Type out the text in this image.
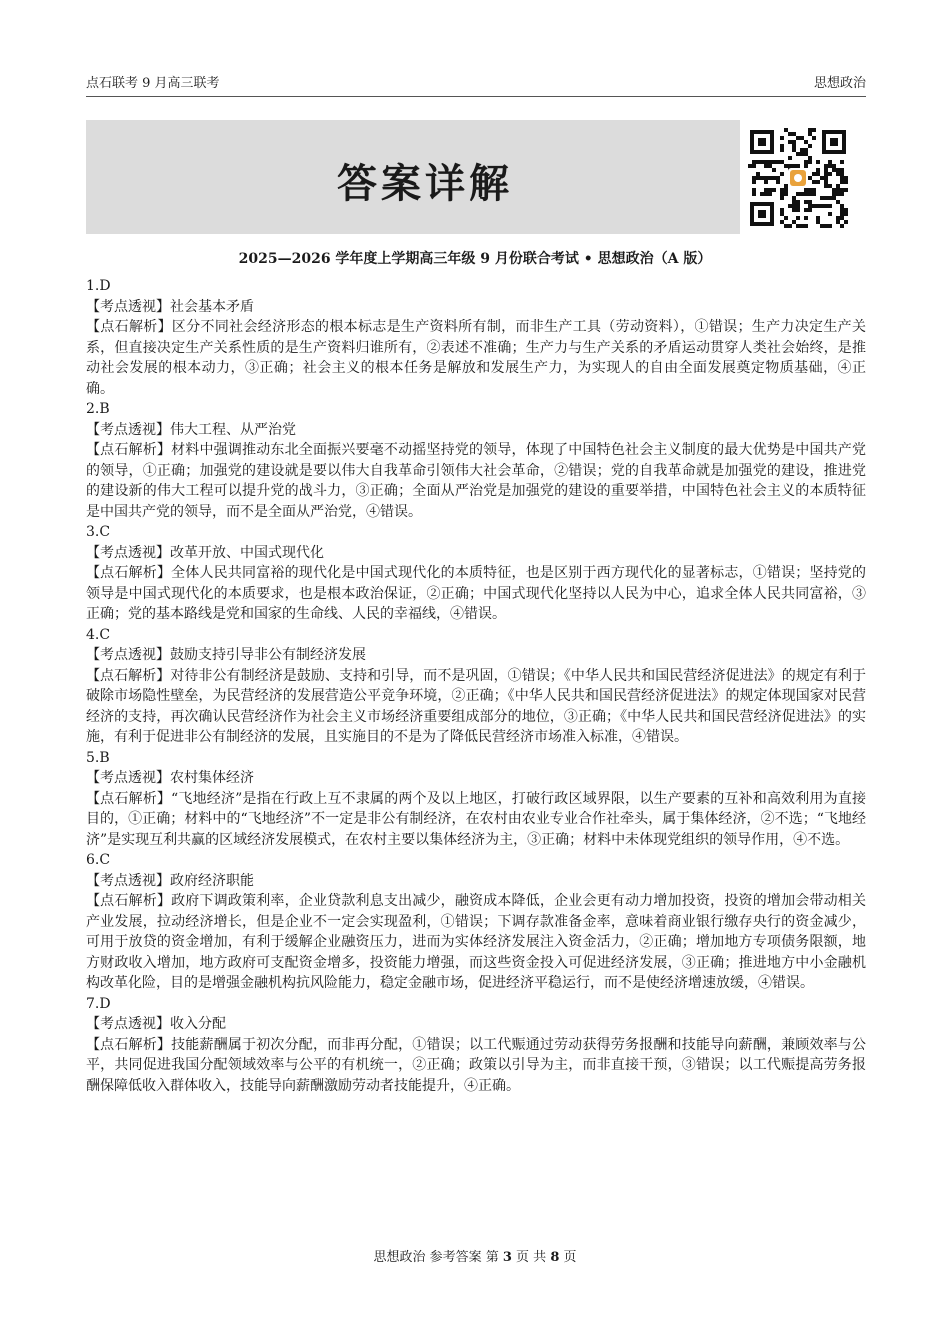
点石联考 9 月高三联考	思想政治
答案详解
2025—2026 学年度上学期高三年级 9 月份联合考试 • 思想政治（A 版）

1.D

【考点透视】社会基本矛盾

【点石解析】区分不同社会经济形态的根本标志是生产资料所有制，而非生产工具（劳动资料），①错误；生产力决定生产关系，但直接决定生产关系性质的是生产资料归谁所有，②表述不准确；生产力与生产关系的矛盾运动贯穿人类社会始终，是推动社会发展的根本动力，③正确；社会主义的根本任务是解放和发展生产力，为实现人的自由全面发展奠定物质基础，④正确。

2.B

【考点透视】伟大工程、从严治党

【点石解析】材料中强调推动东北全面振兴要毫不动摇坚持党的领导，体现了中国特色社会主义制度的最大优势是中国共产党的领导，①正确；加强党的建设就是要以伟大自我革命引领伟大社会革命，②错误；党的自我革命就是加强党的建设，推进党的建设新的伟大工程可以提升党的战斗力，③正确；全面从严治党是加强党的建设的重要举措，中国特色社会主义的本质特征是中国共产党的领导，而不是全面从严治党，④错误。

3.C

【考点透视】改革开放、中国式现代化

【点石解析】全体人民共同富裕的现代化是中国式现代化的本质特征，也是区别于西方现代化的显著标志，①错误；坚持党的领导是中国式现代化的本质要求，也是根本政治保证，②正确；中国式现代化坚持以人民为中心，追求全体人民共同富裕，③正确；党的基本路线是党和国家的生命线、人民的幸福线，④错误。

4.C

【考点透视】鼓励支持引导非公有制经济发展

【点石解析】对待非公有制经济是鼓励、支持和引导，而不是巩固，①错误；《中华人民共和国民营经济促进法》的规定有利于破除市场隐性壁垒，为民营经济的发展营造公平竞争环境，②正确；《中华人民共和国民营经济促进法》的规定体现国家对民营经济的支持，再次确认民营经济作为社会主义市场经济重要组成部分的地位，③正确；《中华人民共和国民营经济促进法》的实施，有利于促进非公有制经济的发展，且实施目的不是为了降低民营经济市场准入标准，④错误。

5.B

【考点透视】农村集体经济

【点石解析】“飞地经济”是指在行政上互不隶属的两个及以上地区，打破行政区域界限，以生产要素的互补和高效利用为直接目的，①正确；材料中的“飞地经济”不一定是非公有制经济，在农村由农业专业合作社牵头，属于集体经济，②不选；“飞地经济”是实现互利共赢的区域经济发展模式，在农村主要以集体经济为主，③正确；材料中未体现党组织的领导作用，④不选。

6.C

【考点透视】政府经济职能

【点石解析】政府下调政策利率，企业贷款利息支出减少，融资成本降低，企业会更有动力增加投资，投资的增加会带动相关产业发展，拉动经济增长，但是企业不一定会实现盈利，①错误；下调存款准备金率，意味着商业银行缴存央行的资金减少，可用于放贷的资金增加，有利于缓解企业融资压力，进而为实体经济发展注入资金活力，②正确；增加地方专项债务限额，地方财政收入增加，地方政府可支配资金增多，投资能力增强，而这些资金投入可促进经济发展，③正确；推进地方中小金融机构改革化险，目的是增强金融机构抗风险能力，稳定金融市场，促进经济平稳运行，而不是使经济增速放缓，④错误。

7.D

【考点透视】收入分配

【点石解析】技能薪酬属于初次分配，而非再分配，①错误；以工代赈通过劳动获得劳务报酬和技能导向薪酬，兼顾效率与公平，共同促进我国分配领域效率与公平的有机统一，②正确；政策以引导为主，而非直接干预，③错误；以工代赈提高劳务报酬保障低收入群体收入，技能导向薪酬激励劳动者技能提升，④正确。

思想政治 参考答案 第 3 页 共 8 页
